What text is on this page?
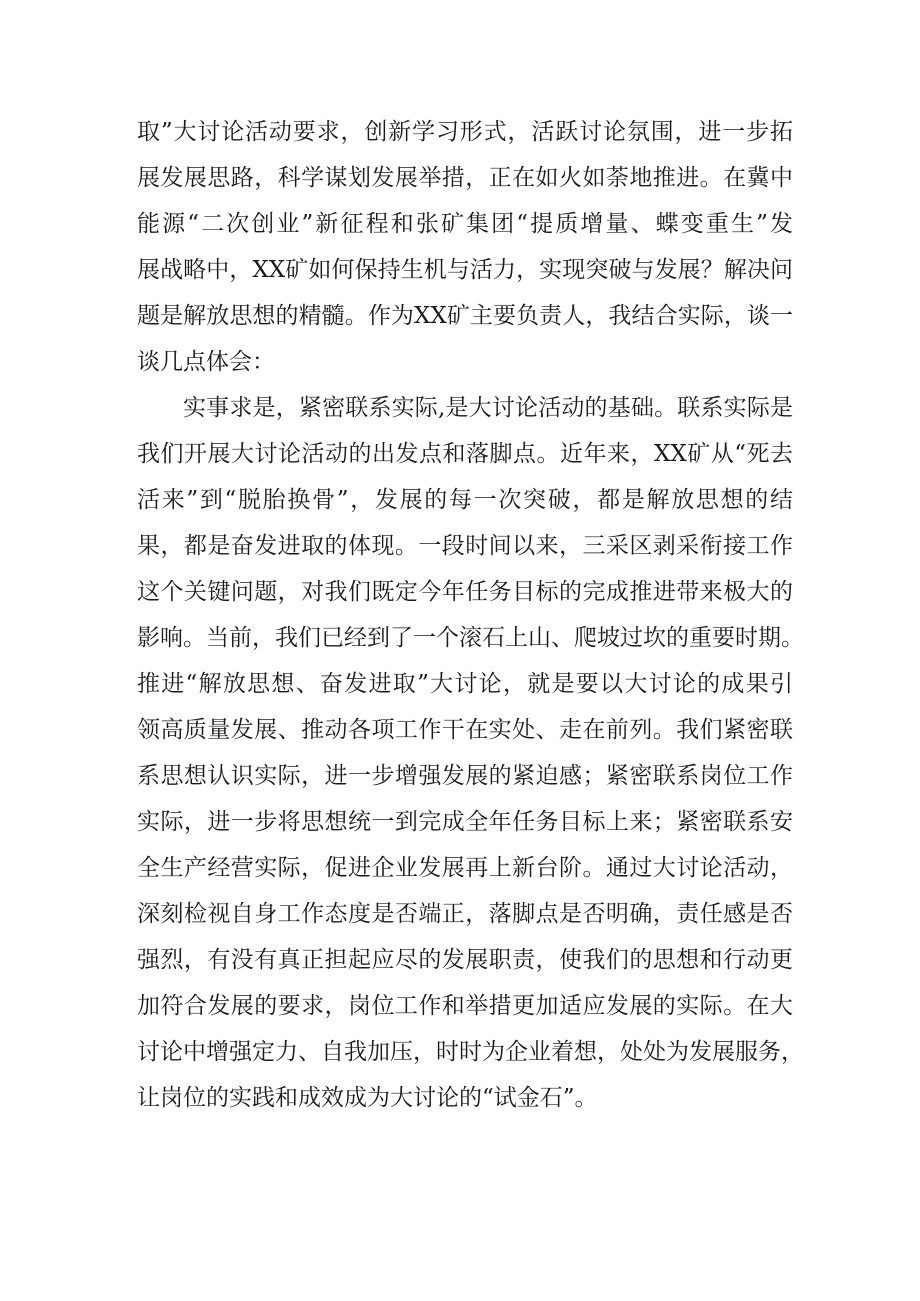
取”大讨论活动要求，创新学习形式，活跃讨论氛围，进一步拓
展发展思路，科学谋划发展举措，正在如火如荼地推进。在冀中
能源“二次创业”新征程和张矿集团“提质增量、蝶变重生”发
展战略中，XX矿如何保持生机与活力，实现突破与发展？解决问
题是解放思想的精髓。作为XX矿主要负责人，我结合实际，谈一
谈几点体会：
实事求是，紧密联系实际,是大讨论活动的基础。联系实际是
我们开展大讨论活动的出发点和落脚点。近年来，XX矿从“死去
活来”到“脱胎换骨”，发展的每一次突破，都是解放思想的结
果，都是奋发进取的体现。一段时间以来，三采区剥采衔接工作
这个关键问题，对我们既定今年任务目标的完成推进带来极大的
影响。当前，我们已经到了一个滚石上山、爬坡过坎的重要时期。
推进“解放思想、奋发进取”大讨论，就是要以大讨论的成果引
领高质量发展、推动各项工作干在实处、走在前列。我们紧密联
系思想认识实际，进一步增强发展的紧迫感；紧密联系岗位工作
实际，进一步将思想统一到完成全年任务目标上来；紧密联系安
全生产经营实际，促进企业发展再上新台阶。通过大讨论活动，
深刻检视自身工作态度是否端正，落脚点是否明确，责任感是否
强烈，有没有真正担起应尽的发展职责，使我们的思想和行动更
加符合发展的要求，岗位工作和举措更加适应发展的实际。在大
讨论中增强定力、自我加压，时时为企业着想，处处为发展服务，
让岗位的实践和成效成为大讨论的“试金石”。
